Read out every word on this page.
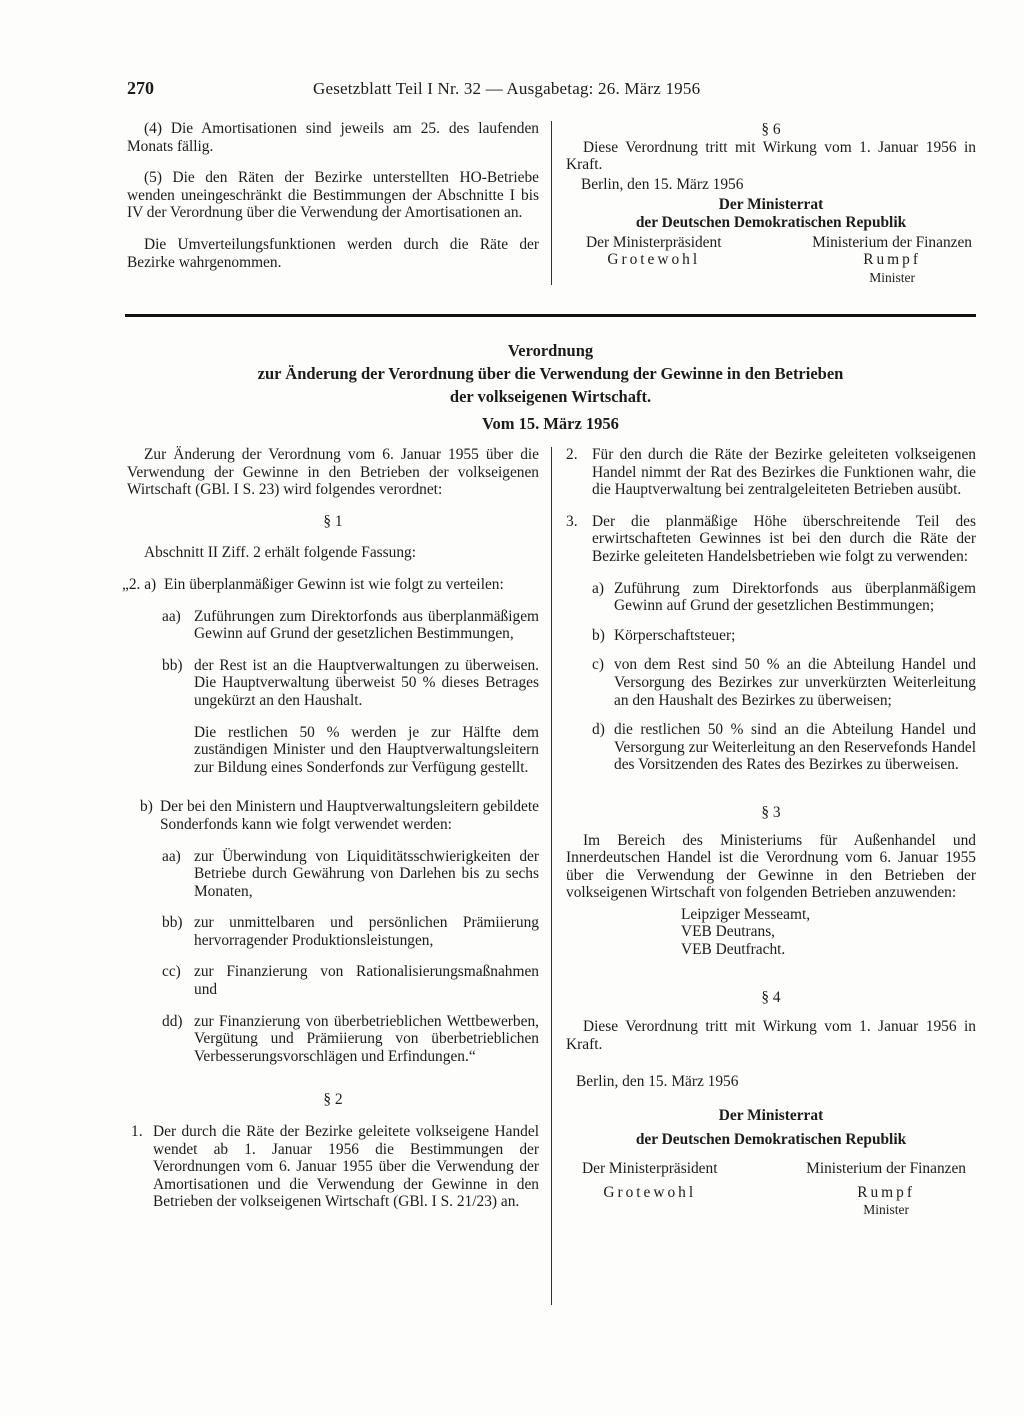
270	Gesetzblatt Teil I Nr. 32 — Ausgabetag: 26. März 1956

(4) Die Amortisationen sind jeweils am 25. des laufenden Monats fällig.

(5) Die den Räten der Bezirke unterstellten HO-Betriebe wenden uneingeschränkt die Bestimmungen der Abschnitte I bis IV der Verordnung über die Verwendung der Amortisationen an.

Die Umverteilungsfunktionen werden durch die Räte der Bezirke wahrgenommen.

§ 6

Diese Verordnung tritt mit Wirkung vom 1. Januar 1956 in Kraft.

Berlin, den 15. März 1956
Der Ministerrat
der Deutschen Demokratischen Republik
Der Ministerpräsident
Grotewohl
Ministerium der Finanzen
Rumpf
Minister
Verordnung
zur Änderung der Verordnung über die Verwendung der Gewinne in den Betrieben
der volkseigenen Wirtschaft.
Vom 15. März 1956

Zur Änderung der Verordnung vom 6. Januar 1955 über die Verwendung der Gewinne in den Betrieben der volkseigenen Wirtschaft (GBl. I S. 23) wird folgendes verordnet:

§ 1

Abschnitt II Ziff. 2 erhält folgende Fassung:

„2. a) Ein überplanmäßiger Gewinn ist wie folgt zu verteilen:
aa) Zuführungen zum Direktorfonds aus überplanmäßigem Gewinn auf Grund der gesetzlichen Bestimmungen,
bb) der Rest ist an die Hauptverwaltungen zu überweisen. Die Hauptverwaltung überweist 50 % dieses Betrages ungekürzt an den Haushalt.
Die restlichen 50 % werden je zur Hälfte dem zuständigen Minister und den Hauptverwaltungsleitern zur Bildung eines Sonderfonds zur Verfügung gestellt.
b) Der bei den Ministern und Hauptverwaltungsleitern gebildete Sonderfonds kann wie folgt verwendet werden:
aa) zur Überwindung von Liquiditätsschwierigkeiten der Betriebe durch Gewährung von Darlehen bis zu sechs Monaten,
bb) zur unmittelbaren und persönlichen Prämiierung hervorragender Produktionsleistungen,
cc) zur Finanzierung von Rationalisierungsmaßnahmen und
dd) zur Finanzierung von überbetrieblichen Wettbewerben, Vergütung und Prämiierung von überbetrieblichen Verbesserungsvorschlägen und Erfindungen.“
§ 2
1. Der durch die Räte der Bezirke geleitete volkseigene Handel wendet ab 1. Januar 1956 die Bestimmungen der Verordnungen vom 6. Januar 1955 über die Verwendung der Amortisationen und die Verwendung der Gewinne in den Betrieben der volkseigenen Wirtschaft (GBl. I S. 21/23) an.
2. Für den durch die Räte der Bezirke geleiteten volkseigenen Handel nimmt der Rat des Bezirkes die Funktionen wahr, die die Hauptverwaltung bei zentralgeleiteten Betrieben ausübt.
3. Der die planmäßige Höhe überschreitende Teil des erwirtschafteten Gewinnes ist bei den durch die Räte der Bezirke geleiteten Handelsbetrieben wie folgt zu verwenden:
a) Zuführung zum Direktorfonds aus überplanmäßigem Gewinn auf Grund der gesetzlichen Bestimmungen;
b) Körperschaftsteuer;
c) von dem Rest sind 50 % an die Abteilung Handel und Versorgung des Bezirkes zur unverkürzten Weiterleitung an den Haushalt des Bezirkes zu überweisen;
d) die restlichen 50 % sind an die Abteilung Handel und Versorgung zur Weiterleitung an den Reservefonds Handel des Vorsitzenden des Rates des Bezirkes zu überweisen.
§ 3

Im Bereich des Ministeriums für Außenhandel und Innerdeutschen Handel ist die Verordnung vom 6. Januar 1955 über die Verwendung der Gewinne in den Betrieben der volkseigenen Wirtschaft von folgenden Betrieben anzuwenden:

Leipziger Messeamt,
VEB Deutrans,
VEB Deutfracht.
§ 4

Diese Verordnung tritt mit Wirkung vom 1. Januar 1956 in Kraft.

Berlin, den 15. März 1956
Der Ministerrat
der Deutschen Demokratischen Republik
Der Ministerpräsident
Grotewohl
Ministerium der Finanzen
Rumpf
Minister
